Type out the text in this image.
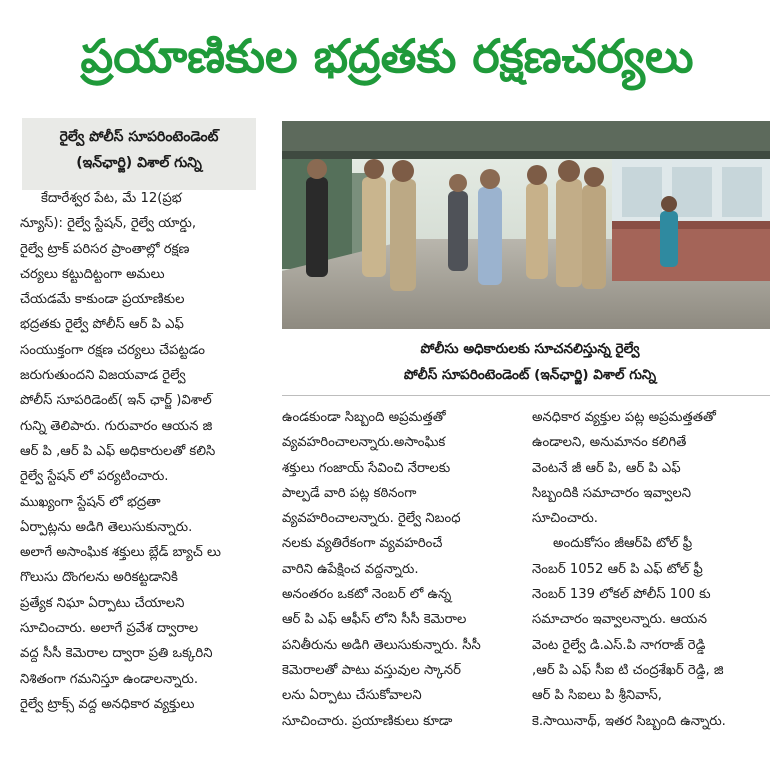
ప్రయాణికుల భద్రతకు రక్షణచర్యలు
రైల్వే పోలీస్ సూపరింటెండెంట్
(ఇన్‌ఛార్జి) విశాల్ గున్ని
కేదారేశ్వర పేట, మే 12(ప్రభ
న్యూస్): రైల్వే స్టేషన్, రైల్వే యార్డు,
రైల్వే ట్రాక్ పరిసర ప్రాంతాల్లో రక్షణ
చర్యలు కట్టుదిట్టంగా అమలు
చేయడమే కాకుండా ప్రయాణికుల
భద్రతకు రైల్వే పోలీస్ ఆర్ పి ఎఫ్
సంయుక్తంగా రక్షణ చర్యలు చేపట్టడం
జరుగుతుందని విజయవాడ రైల్వే
పోలీస్ సూపరిడెంట్( ఇన్ ఛార్జ్ )విశాల్
గున్ని తెలిపారు. గురువారం ఆయన జి
ఆర్ పి ,ఆర్ పి ఎఫ్ అధికారులతో కలిసి
రైల్వే స్టేషన్ లో పర్యటించారు.
ముఖ్యంగా స్టేషన్ లో భద్రతా
ఏర్పాట్లను అడిగి తెలుసుకున్నారు.
అలాగే అసాంఘిక శక్తులు బ్లేడ్ బ్యాచ్ లు
గొలుసు దొంగలను అరికట్టడానికి
ప్రత్యేక నిఘా ఏర్పాటు చేయాలని
సూచించారు. అలాగే ప్రవేశ ద్వారాల
వద్ద సీసీ కెమెరాల ద్వారా ప్రతి ఒక్కరిని
నిశితంగా గమనిస్తూ ఉండాలన్నారు.
రైల్వే ట్రాక్స్ వద్ద అనధికార వ్యక్తులు
పోలీసు అధికారులకు సూచనలిస్తున్న రైల్వే
పోలీస్ సూపరింటెండెంట్ (ఇన్‌ఛార్జి) విశాల్ గున్ని
ఉండకుండా సిబ్బంది అప్రమత్తతో
వ్యవహరించాలన్నారు.అసాంఘిక
శక్తులు గంజాయ్ సేవించి నేరాలకు
పాల్పడే వారి పట్ల కఠినంగా
వ్యవహరించాలన్నారు. రైల్వే నిబంధ
నలకు వ్యతిరేకంగా వ్యవహరించే
వారిని ఉపేక్షించ వద్దన్నారు.
అనంతరం ఒకటో నెంబర్ లో ఉన్న
ఆర్ పి ఎఫ్ ఆఫీస్ లోని సీసీ కెమెరాల
పనితీరును అడిగి తెలుసుకున్నారు. సీసీ
కెమెరాలతో పాటు వస్తువుల స్కానర్
లను ఏర్పాటు చేసుకోవాలని
సూచించారు. ప్రయాణికులు కూడా
అనధికార వ్యక్తుల పట్ల అప్రమత్తతతో
ఉండాలని, అనుమానం కలిగితే
వెంటనే జీ ఆర్ పి, ఆర్ పి ఎఫ్
సిబ్బందికి సమాచారం ఇవ్వాలని
సూచించారు.
అందుకోసం జీఆర్‌పి టోల్ ఫ్రీ
నెంబర్ 1052 ఆర్ పి ఎఫ్ టోల్ ఫ్రీ
నెంబర్ 139 లోకల్ పోలీస్ 100 కు
సమాచారం ఇవ్వాలన్నారు. ఆయన
వెంట రైల్వే డి.ఎస్.పి నాగరాజ్ రెడ్డి
,ఆర్ పి ఎఫ్ సీఐ టి చంద్రశేఖర్ రెడ్డి, జి
ఆర్ పి సిఐలు పి శ్రీనివాస్,
కె.సాయినాథ్, ఇతర సిబ్బంది ఉన్నారు.
